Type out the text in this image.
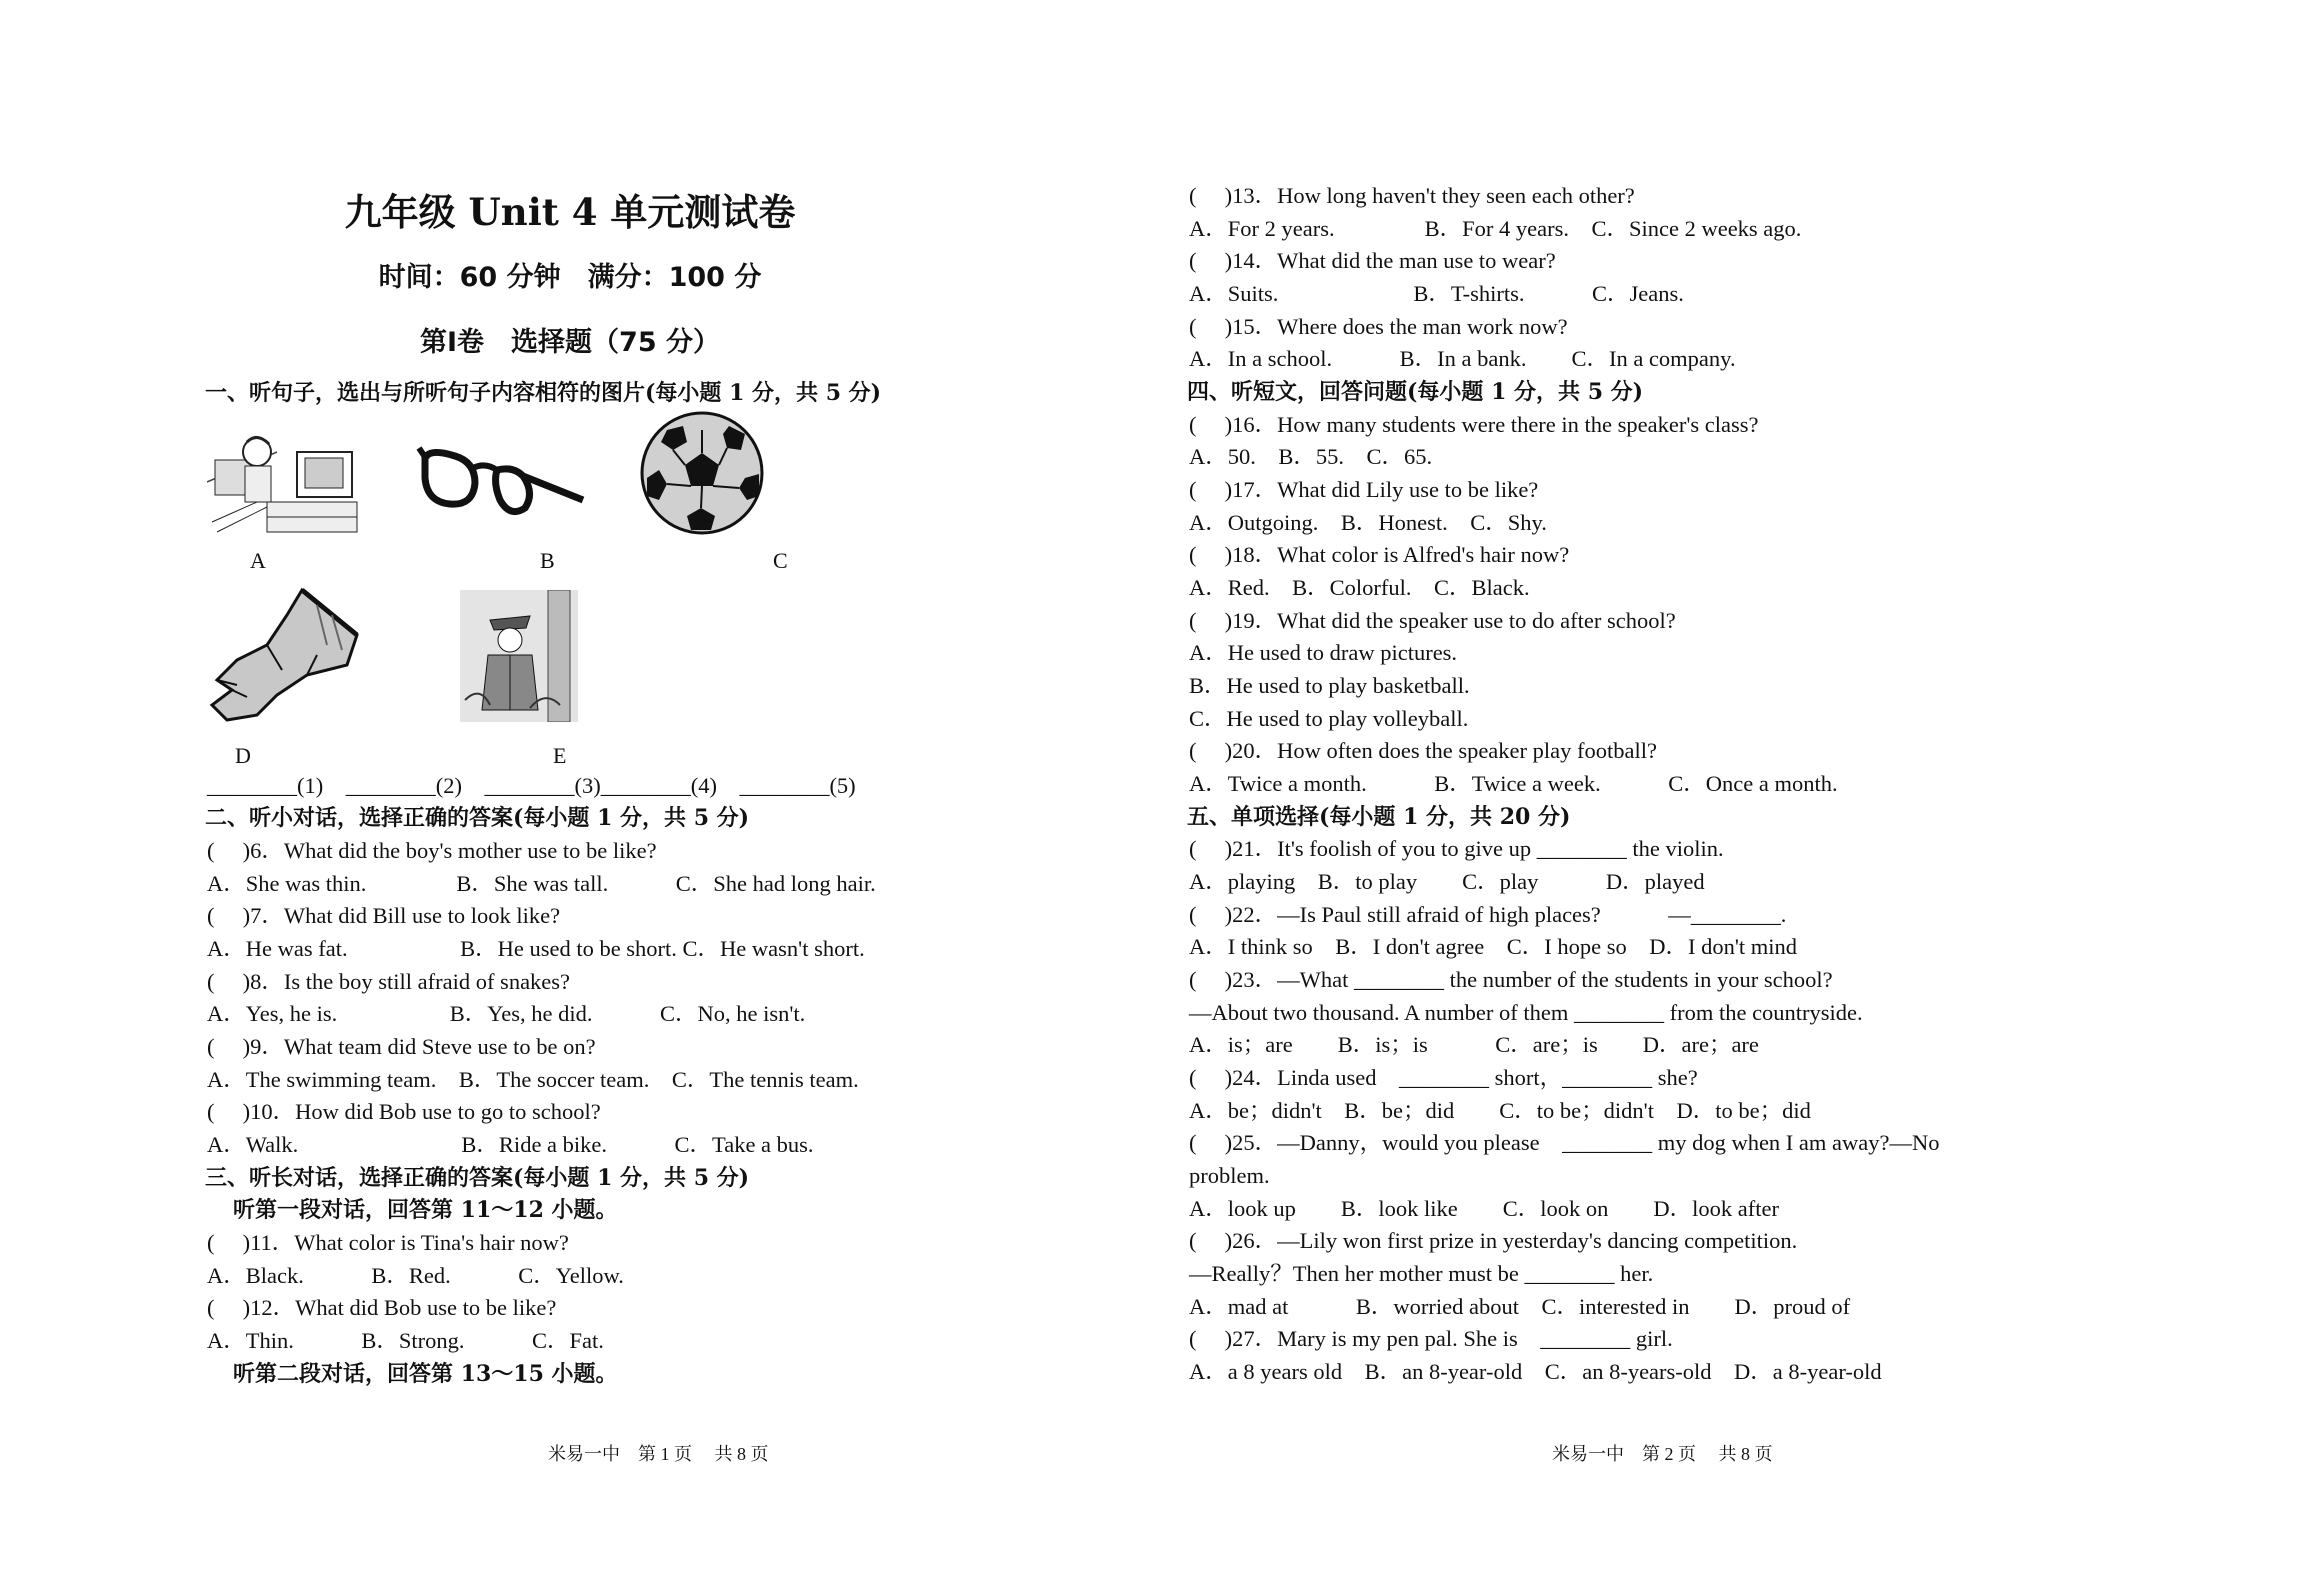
九年级 Unit 4 单元测试卷
时间：60 分钟　满分：100 分
第Ⅰ卷　选择题（75 分）
一、听句子，选出与所听句子内容相符的图片(每小题 1 分，共 5 分)
A	B	C
D	E
________(1)　________(2)　________(3)________(4)　________(5)
二、听小对话，选择正确的答案(每小题 1 分，共 5 分)
(　 )6．What did the boy's mother use to be like?
A．She was thin.　　　　B．She was tall.　　　C．She had long hair.
(　 )7．What did Bill use to look like?
A．He was fat.　　　　　B．He used to be short. C．He wasn't short.
(　 )8．Is the boy still afraid of snakes?
A．Yes, he is.　　　　　B．Yes, he did.　　　C．No, he isn't.
(　 )9．What team did Steve use to be on?
A．The swimming team.　B．The soccer team.　C．The tennis team.
(　 )10．How did Bob use to go to school?
A．Walk.　　　　　　　 B．Ride a bike.　　　C．Take a bus.
三、听长对话，选择正确的答案(每小题 1 分，共 5 分)
听第一段对话，回答第 11～12 小题。
(　 )11．What color is Tina's hair now?
A．Black.　　　B．Red.　　　C．Yellow.
(　 )12．What did Bob use to be like?
A．Thin.　　　B．Strong.　　　C．Fat.
听第二段对话，回答第 13～15 小题。
(　 )13．How long haven't they seen each other?
A．For 2 years.　　　　B．For 4 years.　C．Since 2 weeks ago.
(　 )14．What did the man use to wear?
A．Suits.　　　　　　B．T-shirts.　　　C．Jeans.
(　 )15．Where does the man work now?
A．In a school.　　　B．In a bank.　　C．In a company.
四、听短文，回答问题(每小题 1 分，共 5 分)
(　 )16．How many students were there in the speaker's class?
A．50.　B．55.　C．65.
(　 )17．What did Lily use to be like?
A．Outgoing.　B．Honest.　C．Shy.
(　 )18．What color is Alfred's hair now?
A．Red.　B．Colorful.　C．Black.
(　 )19．What did the speaker use to do after school?
A．He used to draw pictures.
B．He used to play basketball.
C．He used to play volleyball.
(　 )20．How often does the speaker play football?
A．Twice a month.　　　B．Twice a week.　　　C．Once a month.
五、单项选择(每小题 1 分，共 20 分)
(　 )21．It's foolish of you to give up ________ the violin.
A．playing　B．to play　　C．play　　　D．played
(　 )22．—Is Paul still afraid of high places?　　　—________.
A．I think so　B．I don't agree　C．I hope so　D．I don't mind
(　 )23．—What ________ the number of the students in your school?
—About two thousand. A number of them ________ from the countryside.
A．is；are　　B．is；is　　　C．are；is　　D．are；are
(　 )24．Linda used　________ short，________ she?
A．be；didn't　B．be；did　　C．to be；didn't　D．to be；did
(　 )25．—Danny，would you please　________ my dog when I am away?—No
problem.
A．look up　　B．look like　　C．look on　　D．look after
(　 )26．—Lily won first prize in yesterday's dancing competition.
—Really？Then her mother must be ________ her.
A．mad at　　　B．worried about　C．interested in　　D．proud of
(　 )27．Mary is my pen pal. She is　________ girl.
A．a 8 years old　B．an 8-year-old　C．an 8-years-old　D．a 8-year-old
米易一中　第 1 页　 共 8 页	米易一中　第 2 页　 共 8 页
